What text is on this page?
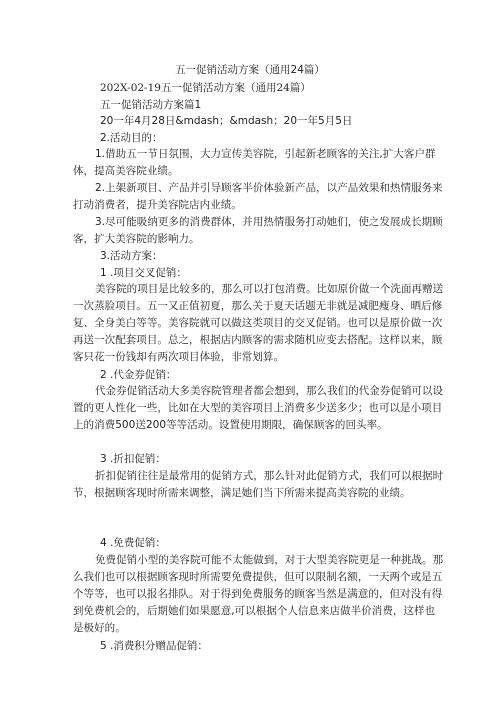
五一促销活动方案（通用24篇）
202X-02-19五一促销活动方案（通用24篇）
五一促销活动方案篇1
20一年4月28日&mdash；&mdash；20一年5月5日
2.活动目的：
1.借助五一节日氛围，大力宣传美容院，引起新老顾客的关注,扩大客户群体，提高美容院业绩。
2.上架新项目、产品并引导顾客半价体验新产品，以产品效果和热情服务来打动消费者，提升美容院店内业绩。
3.尽可能吸纳更多的消费群体，并用热情服务打动她们，使之发展成长期顾客，扩大美容院的影响力。
3.活动方案：
1 .项目交叉促销：
美容院的项目是比较多的，那么可以打包消费。比如原价做一个洗面再赠送一次蒸脸项目。五一又正值初夏，那么关于夏天话题无非就是减肥瘦身、晒后修复、全身美白等等。美容院就可以做这类项目的交叉促销。也可以是原价做一次再送一次配套项目。总之，根据店内顾客的需求随机应变去搭配。这样以来，顾客只花一份钱却有两次项目体验，非常划算。
2 .代金券促销：
代金券促销活动大多美容院管理者都会想到，那么我们的代金券促销可以设置的更人性化一些，比如在大型的美容项目上消费多少送多少；也可以是小项目上的消费500送200等等活动。设置使用期限，确保顾客的回头率。
3 .折扣促销：
折扣促销往往是最常用的促销方式，那么针对此促销方式，我们可以根据时节，根据顾客现时所需来调整，满足她们当下所需来提高美容院的业绩。
4 .免费促销：
免费促销小型的美容院可能不太能做到，对于大型美容院更是一种挑战。那么我们也可以根据顾客现时所需要免费提供，但可以限制名额，一天两个或是五个等等，也可以报名排队。对于得到免费服务的顾客当然是满意的，但对没有得到免费机会的，后期她们如果愿意,可以根据个人信息来店做半价消费，这样也是极好的。
5 .消费积分赠品促销：
